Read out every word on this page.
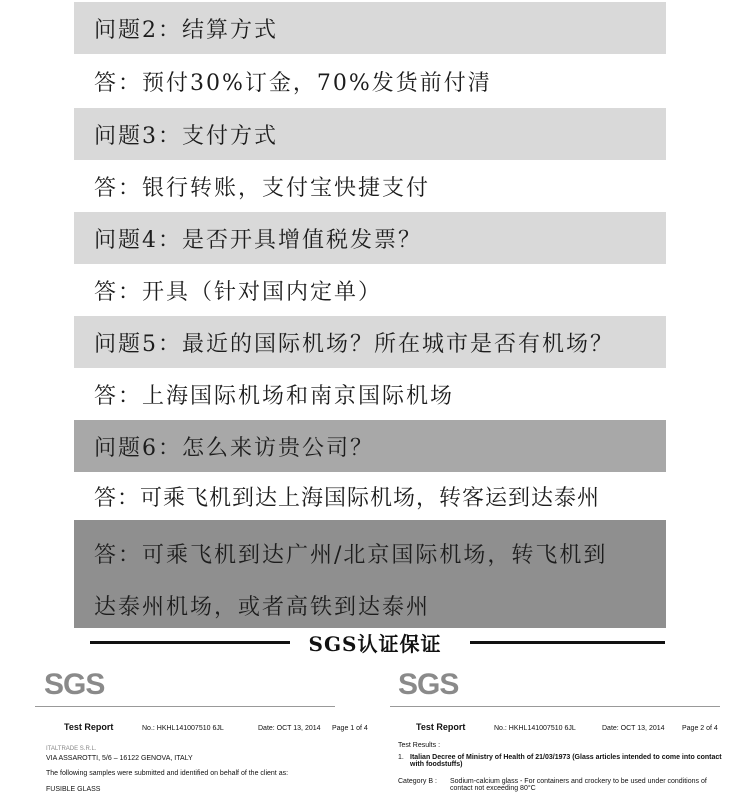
问题2：结算方式
答：预付30%订金，70%发货前付清
问题3：支付方式
答：银行转账，支付宝快捷支付
问题4：是否开具增值税发票？
答：开具（针对国内定单）
问题5：最近的国际机场？所在城市是否有机场？
答：上海国际机场和南京国际机场
问题6：怎么来访贵公司？
答：可乘飞机到达上海国际机场，转客运到达泰州
答：可乘飞机到达广州/北京国际机场，转飞机到
达泰州机场，或者高铁到达泰州
SGS认证保证
SGS
Test Report	No.: HKHL141007510 6JL	Date: OCT 13, 2014 Page 1 of 4
ITALTRADE S.R.L.
VIA ASSAROTTI, 5/6 – 16122 GENOVA, ITALY
The following samples were submitted and identified on behalf of the client as:
FUSIBLE GLASS
SGS
Test Report	No.: HKHL141007510 6JL	Date: OCT 13, 2014 Page 2 of 4
Test Results :
1. Italian Decree of Ministry of Health of 21/03/1973 (Glass articles intended to come into contact with foodstuffs)
Category B : Sodium-calcium glass - For containers and crockery to be used under conditions of contact not exceeding 80°C
